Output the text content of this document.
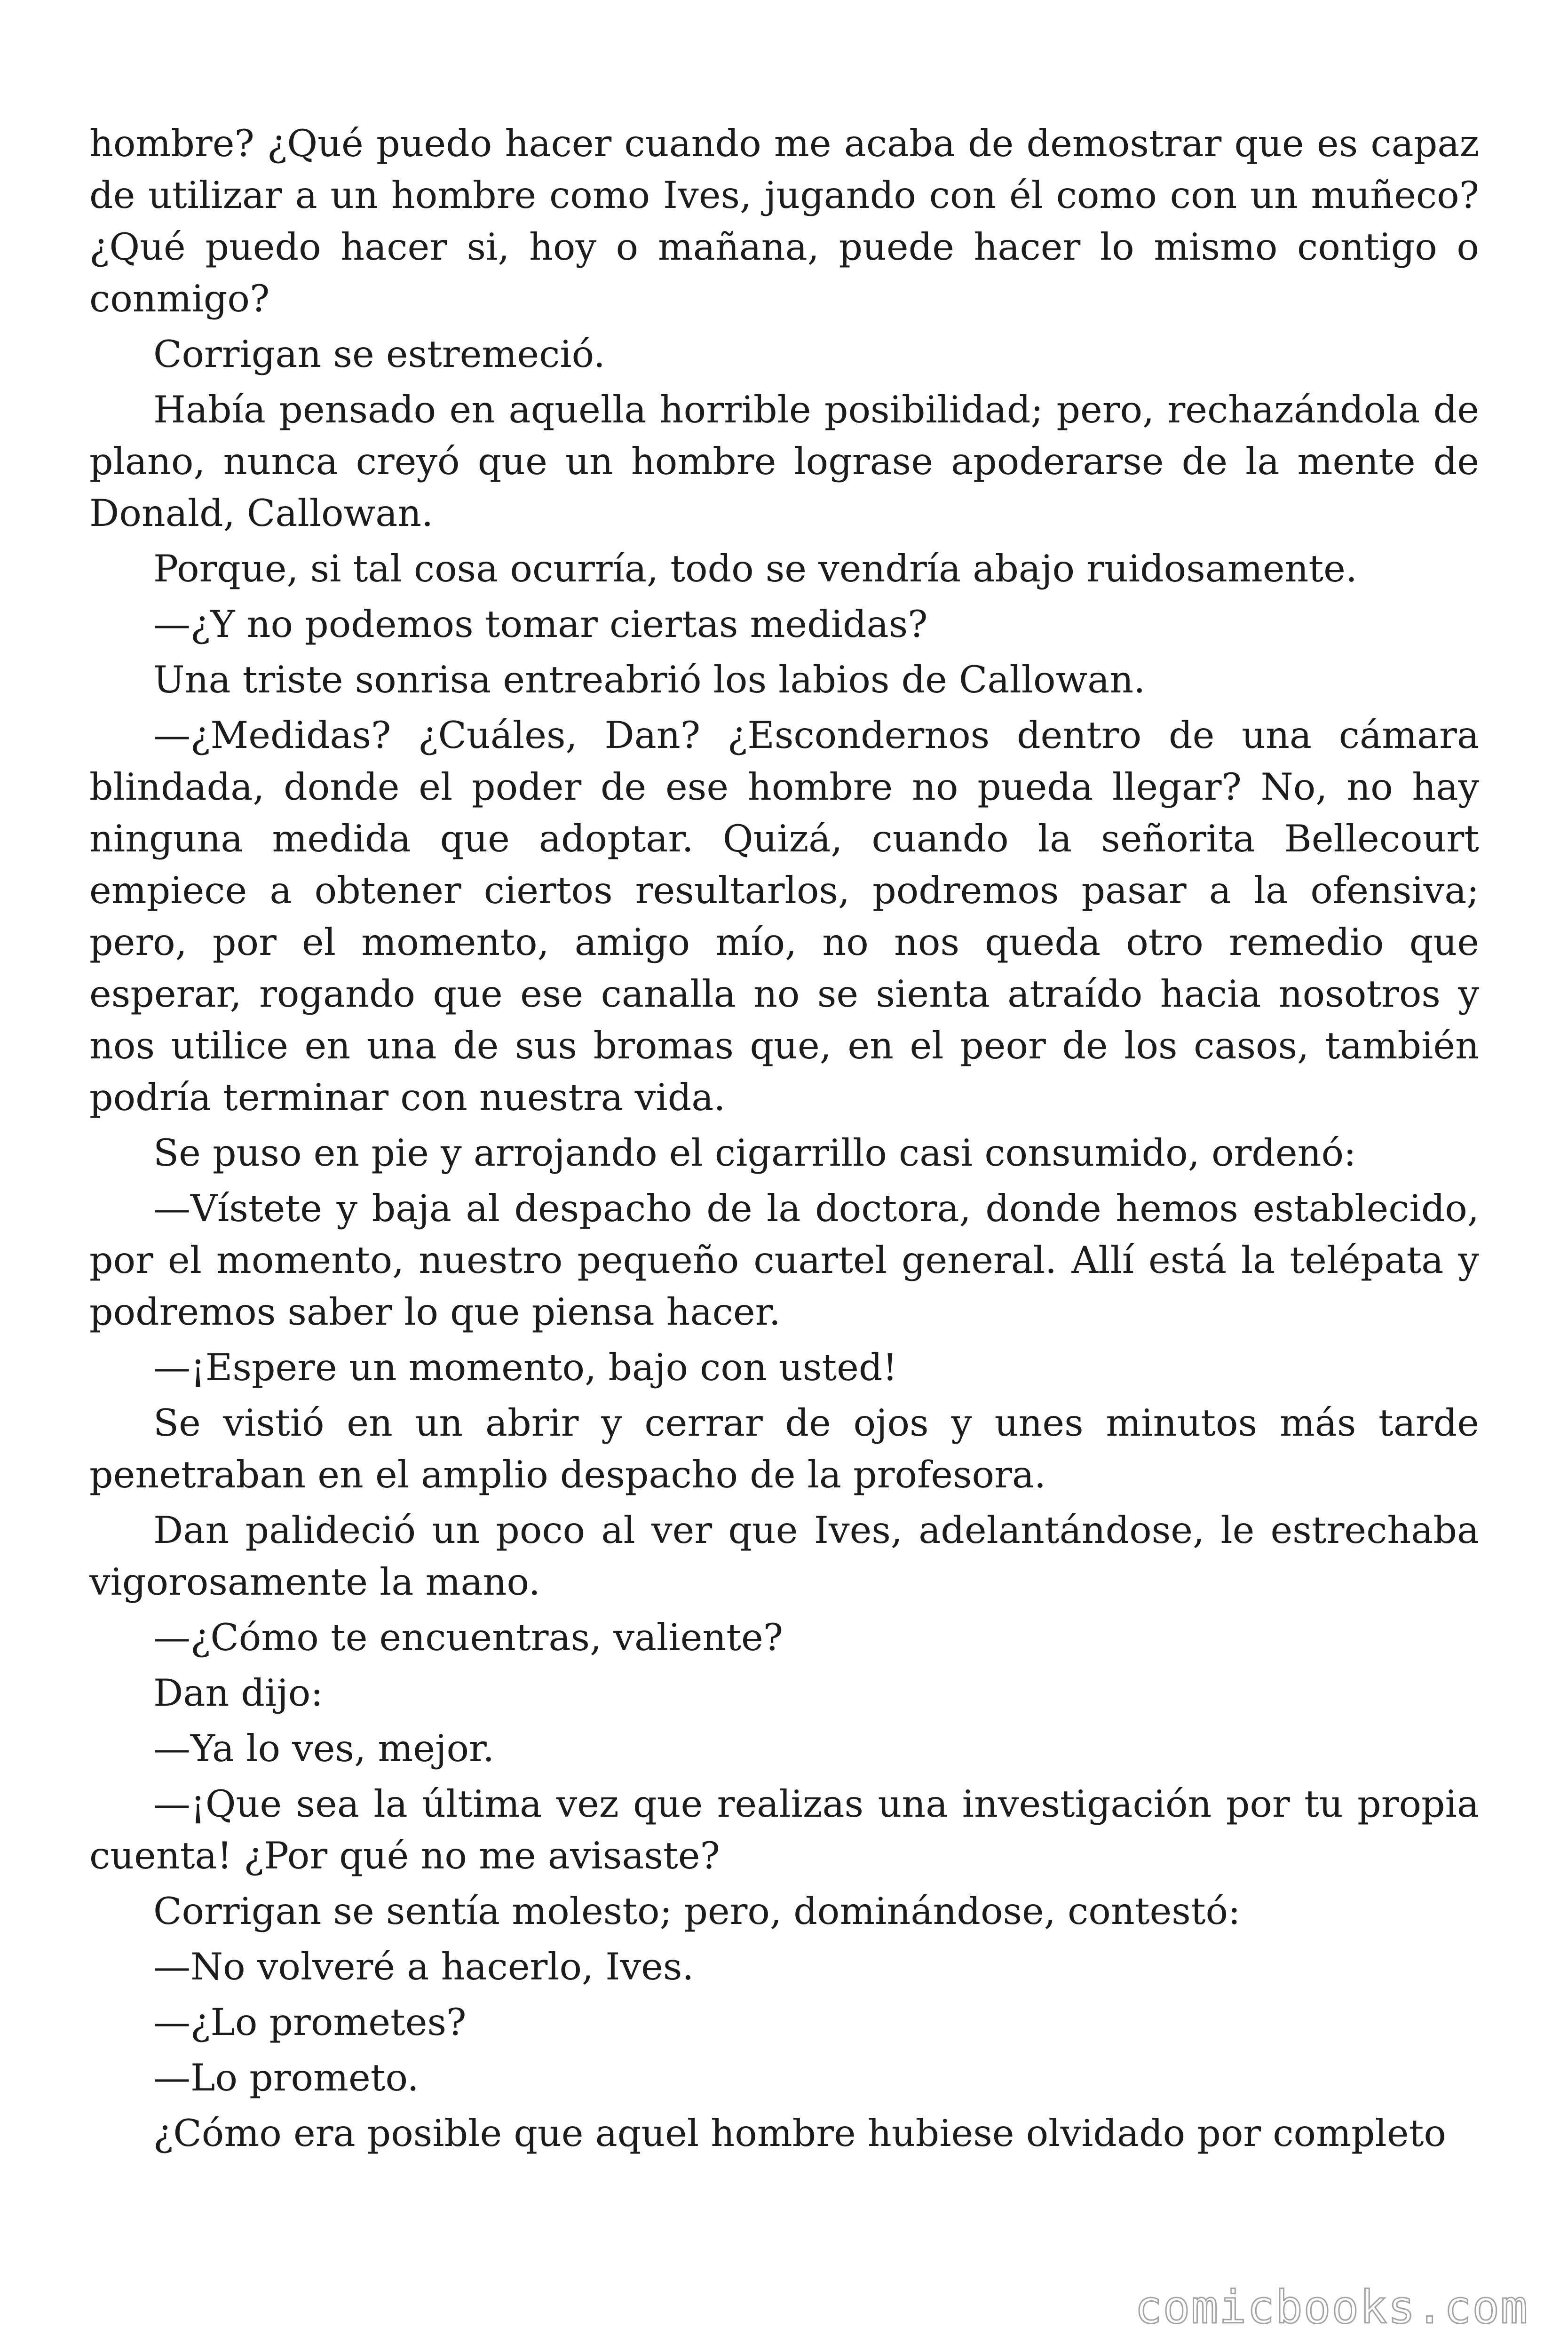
hombre? ¿Qué puedo hacer cuando me acaba de demostrar que es capaz de utilizar a un hombre como Ives, jugando con él como con un muñeco? ¿Qué puedo hacer si, hoy o mañana, puede hacer lo mismo contigo o conmigo?

Corrigan se estremeció.

Había pensado en aquella horrible posibilidad; pero, rechazándola de plano, nunca creyó que un hombre lograse apoderarse de la mente de Donald, Callowan.

Porque, si tal cosa ocurría, todo se vendría abajo ruidosamente.

—¿Y no podemos tomar ciertas medidas?

Una triste sonrisa entreabrió los labios de Callowan.

—¿Medidas? ¿Cuáles, Dan? ¿Escondernos dentro de una cámara blindada, donde el poder de ese hombre no pueda llegar? No, no hay ninguna medida que adoptar. Quizá, cuando la señorita Bellecourt empiece a obtener ciertos resultarlos, podremos pasar a la ofensiva; pero, por el momento, amigo mío, no nos queda otro remedio que esperar, rogando que ese canalla no se sienta atraído hacia nosotros y nos utilice en una de sus bromas que, en el peor de los casos, también podría terminar con nuestra vida.

Se puso en pie y arrojando el cigarrillo casi consumido, ordenó:

—Vístete y baja al despacho de la doctora, donde hemos establecido, por el momento, nuestro pequeño cuartel general. Allí está la telépata y podremos saber lo que piensa hacer.

—¡Espere un momento, bajo con usted!

Se vistió en un abrir y cerrar de ojos y unes minutos más tarde penetraban en el amplio despacho de la profesora.

Dan palideció un poco al ver que Ives, adelantándose, le estrechaba vigorosamente la mano.

—¿Cómo te encuentras, valiente?

Dan dijo:

—Ya lo ves, mejor.

—¡Que sea la última vez que realizas una investigación por tu propia cuenta! ¿Por qué no me avisaste?

Corrigan se sentía molesto; pero, dominándose, contestó:

—No volveré a hacerlo, Ives.

—¿Lo prometes?

—Lo prometo.

¿Cómo era posible que aquel hombre hubiese olvidado por completo

comicbooks.com
